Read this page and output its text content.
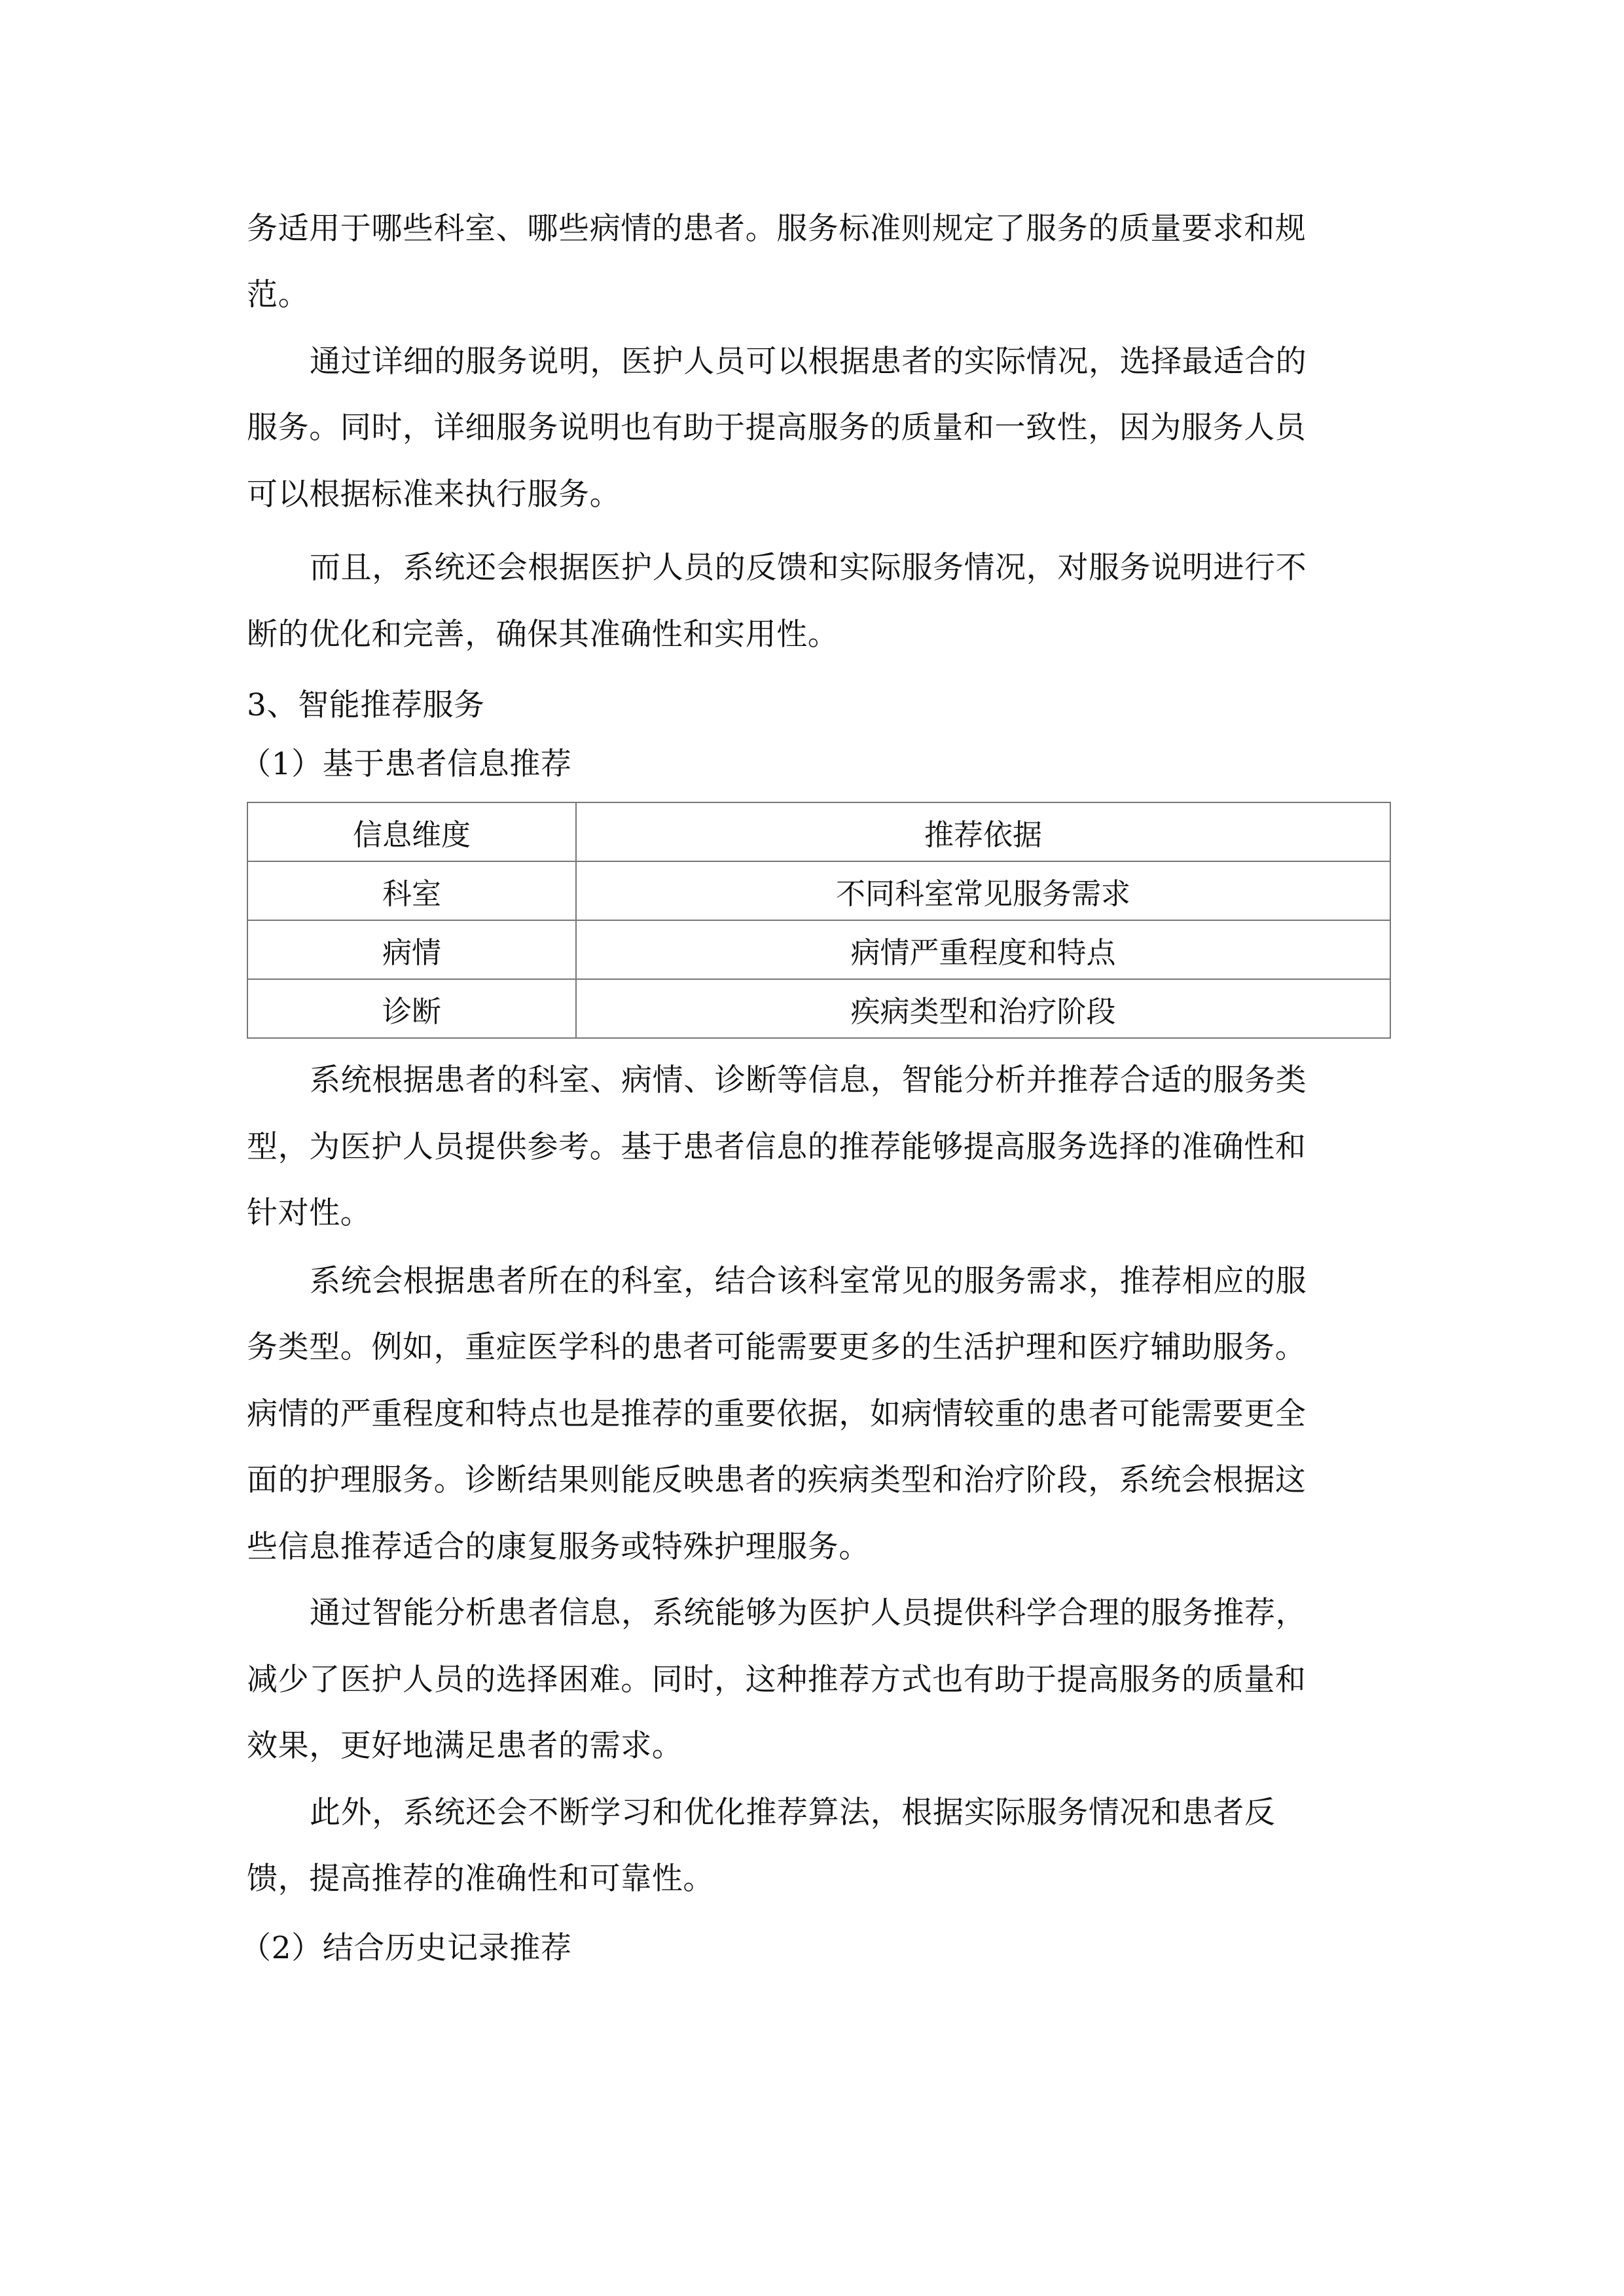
务适用于哪些科室、哪些病情的患者。服务标准则规定了服务的质量要求和规
范。
通过详细的服务说明，医护人员可以根据患者的实际情况，选择最适合的
服务。同时，详细服务说明也有助于提高服务的质量和一致性，因为服务人员
可以根据标准来执行服务。
而且，系统还会根据医护人员的反馈和实际服务情况，对服务说明进行不
断的优化和完善，确保其准确性和实用性。
3、智能推荐服务
（1）基于患者信息推荐
信息维度	推荐依据
科室	不同科室常见服务需求
病情	病情严重程度和特点
诊断	疾病类型和治疗阶段
系统根据患者的科室、病情、诊断等信息，智能分析并推荐合适的服务类
型，为医护人员提供参考。基于患者信息的推荐能够提高服务选择的准确性和
针对性。
系统会根据患者所在的科室，结合该科室常见的服务需求，推荐相应的服
务类型。例如，重症医学科的患者可能需要更多的生活护理和医疗辅助服务。
病情的严重程度和特点也是推荐的重要依据，如病情较重的患者可能需要更全
面的护理服务。诊断结果则能反映患者的疾病类型和治疗阶段，系统会根据这
些信息推荐适合的康复服务或特殊护理服务。
通过智能分析患者信息，系统能够为医护人员提供科学合理的服务推荐，
减少了医护人员的选择困难。同时，这种推荐方式也有助于提高服务的质量和
效果，更好地满足患者的需求。
此外，系统还会不断学习和优化推荐算法，根据实际服务情况和患者反
馈，提高推荐的准确性和可靠性。
（2）结合历史记录推荐
